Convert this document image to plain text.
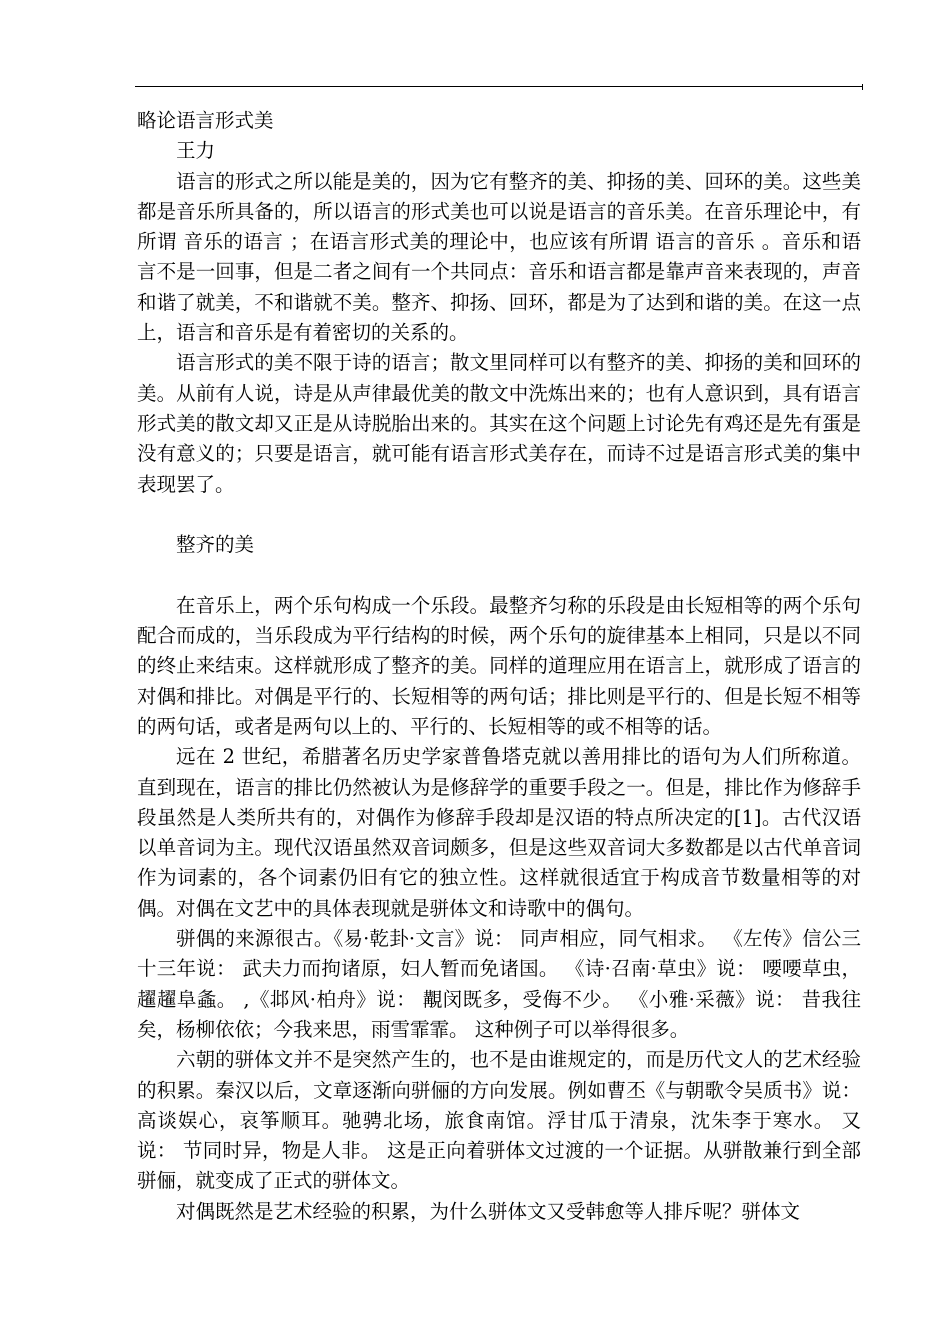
略论语言形式美

王力

语言的形式之所以能是美的，因为它有整齐的美、抑扬的美、回环的美。这些美都是音乐所具备的，所以语言的形式美也可以说是语言的音乐美。在音乐理论中，有所谓 音乐的语言 ；在语言形式美的理论中，也应该有所谓 语言的音乐 。音乐和语言不是一回事，但是二者之间有一个共同点：音乐和语言都是靠声音来表现的，声音和谐了就美，不和谐就不美。整齐、抑扬、回环，都是为了达到和谐的美。在这一点上，语言和音乐是有着密切的关系的。

语言形式的美不限于诗的语言；散文里同样可以有整齐的美、抑扬的美和回环的美。从前有人说，诗是从声律最优美的散文中洗炼出来的；也有人意识到，具有语言形式美的散文却又正是从诗脱胎出来的。其实在这个问题上讨论先有鸡还是先有蛋是没有意义的；只要是语言，就可能有语言形式美存在，而诗不过是语言形式美的集中表现罢了。

整齐的美

在音乐上，两个乐句构成一个乐段。最整齐匀称的乐段是由长短相等的两个乐句配合而成的，当乐段成为平行结构的时候，两个乐句的旋律基本上相同，只是以不同的终止来结束。这样就形成了整齐的美。同样的道理应用在语言上，就形成了语言的对偶和排比。对偶是平行的、长短相等的两句话；排比则是平行的、但是长短不相等的两句话，或者是两句以上的、平行的、长短相等的或不相等的话。

远在 2 世纪，希腊著名历史学家普鲁塔克就以善用排比的语句为人们所称道。直到现在，语言的排比仍然被认为是修辞学的重要手段之一。但是，排比作为修辞手段虽然是人类所共有的，对偶作为修辞手段却是汉语的特点所决定的[1]。古代汉语以单音词为主。现代汉语虽然双音词颇多，但是这些双音词大多数都是以古代单音词作为词素的，各个词素仍旧有它的独立性。这样就很适宜于构成音节数量相等的对偶。对偶在文艺中的具体表现就是骈体文和诗歌中的偶句。

骈偶的来源很古。《易·乾卦·文言》说： 同声相应，同气相求。 《左传》信公三十三年说： 武夫力而拘诸原，妇人暂而免诸国。 《诗·召南·草虫》说： 喓喓草虫，趯趯阜螽。 ,《邶风·柏舟》说： 覯闵既多，受侮不少。 《小雅·采薇》说： 昔我往矣，杨柳依依；今我来思，雨雪霏霏。 这种例子可以举得很多。

六朝的骈体文并不是突然产生的，也不是由谁规定的，而是历代文人的艺术经验的积累。秦汉以后，文章逐渐向骈俪的方向发展。例如曹丕《与朝歌令吴质书》说： 高谈娱心，哀筝顺耳。驰骋北场，旅食南馆。浮甘瓜于清泉，沈朱李于寒水。 又说： 节同时异，物是人非。 这是正向着骈体文过渡的一个证据。从骈散兼行到全部骈俪，就变成了正式的骈体文。

对偶既然是艺术经验的积累，为什么骈体文又受韩愈等人排斥呢？骈体文
